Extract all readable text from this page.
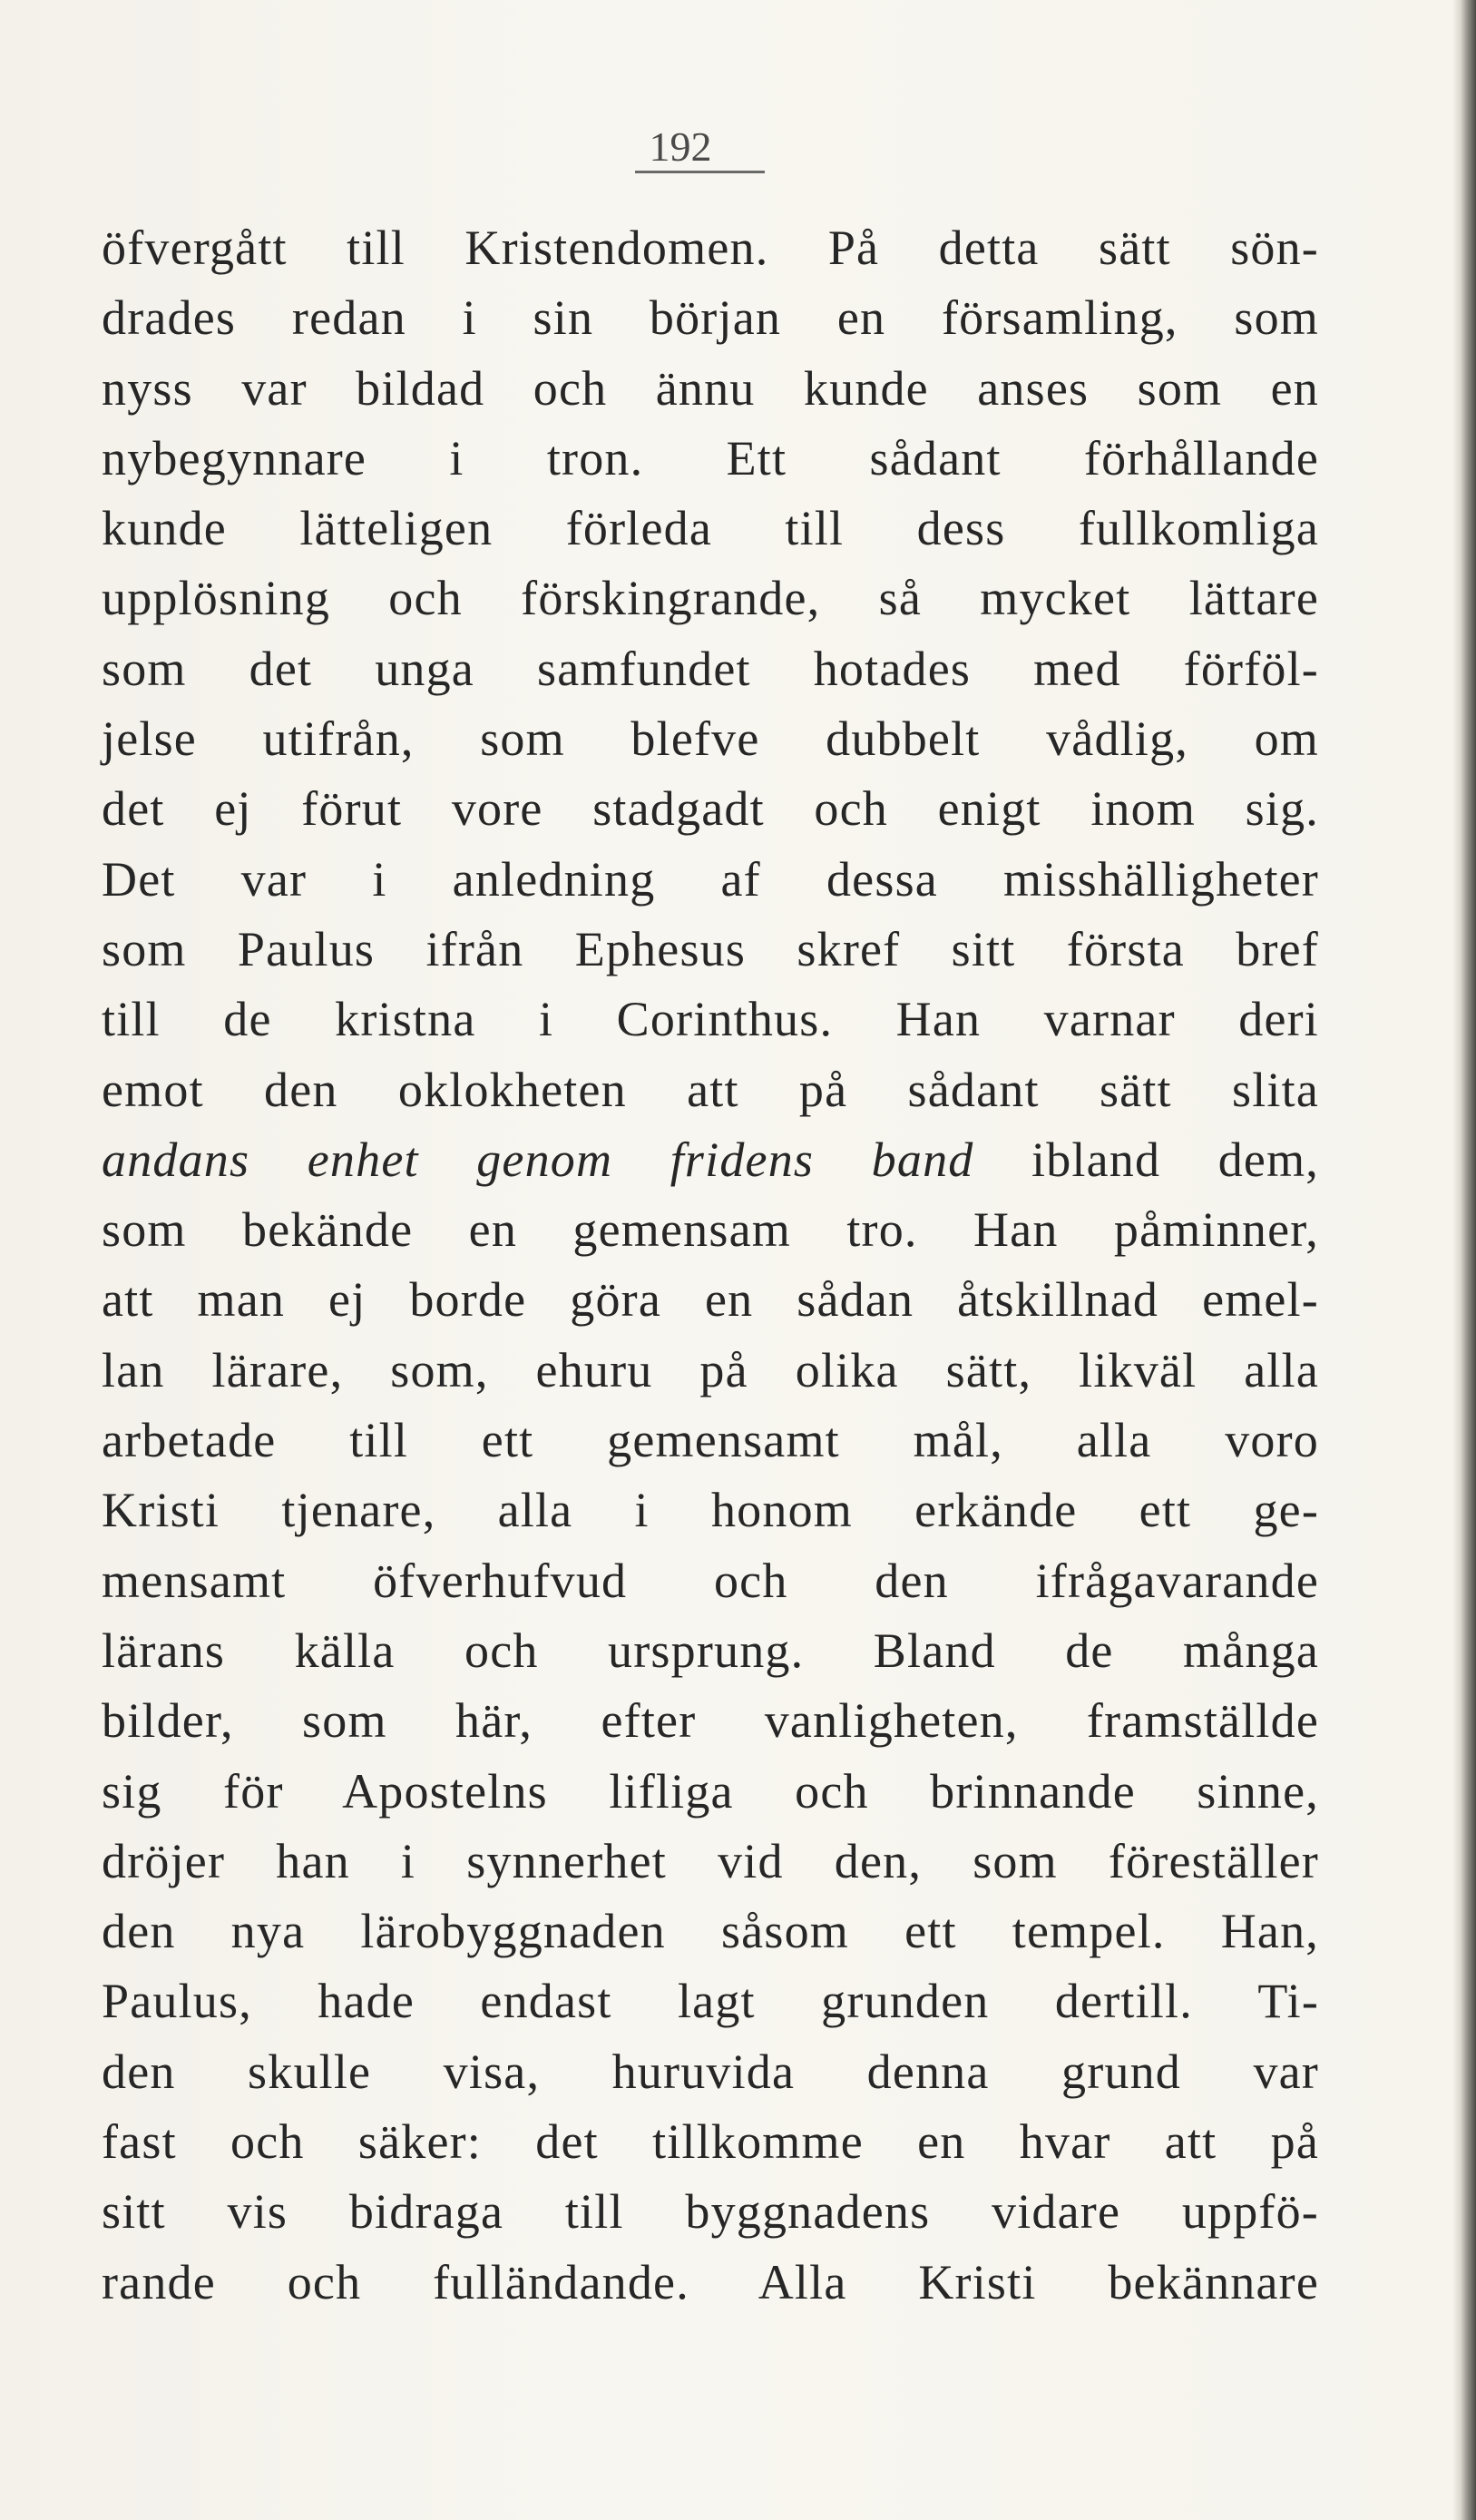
192
öfvergått till Kristendomen. På detta sätt sön-
drades redan i sin början en församling, som
nyss var bildad och ännu kunde anses som en
nybegynnare i tron. Ett sådant förhållande
kunde lätteligen förleda till dess fullkomliga
upplösning och förskingrande, så mycket lättare
som det unga samfundet hotades med förföl-
jelse utifrån, som blefve dubbelt vådlig, om
det ej förut vore stadgadt och enigt inom sig.
Det var i anledning af dessa misshälligheter
som Paulus ifrån Ephesus skref sitt första bref
till de kristna i Corinthus. Han varnar deri
emot den oklokheten att på sådant sätt slita
andans enhet genom fridens band ibland dem,
som bekände en gemensam tro. Han påminner,
att man ej borde göra en sådan åtskillnad emel-
lan lärare, som, ehuru på olika sätt, likväl alla
arbetade till ett gemensamt mål, alla voro
Kristi tjenare, alla i honom erkände ett ge-
mensamt öfverhufvud och den ifrågavarande
lärans källa och ursprung. Bland de många
bilder, som här, efter vanligheten, framställde
sig för Apostelns lifliga och brinnande sinne,
dröjer han i synnerhet vid den, som föreställer
den nya lärobyggnaden såsom ett tempel. Han,
Paulus, hade endast lagt grunden dertill. Ti-
den skulle visa, huruvida denna grund var
fast och säker: det tillkomme en hvar att på
sitt vis bidraga till byggnadens vidare uppfö-
rande och fulländande. Alla Kristi bekännare
